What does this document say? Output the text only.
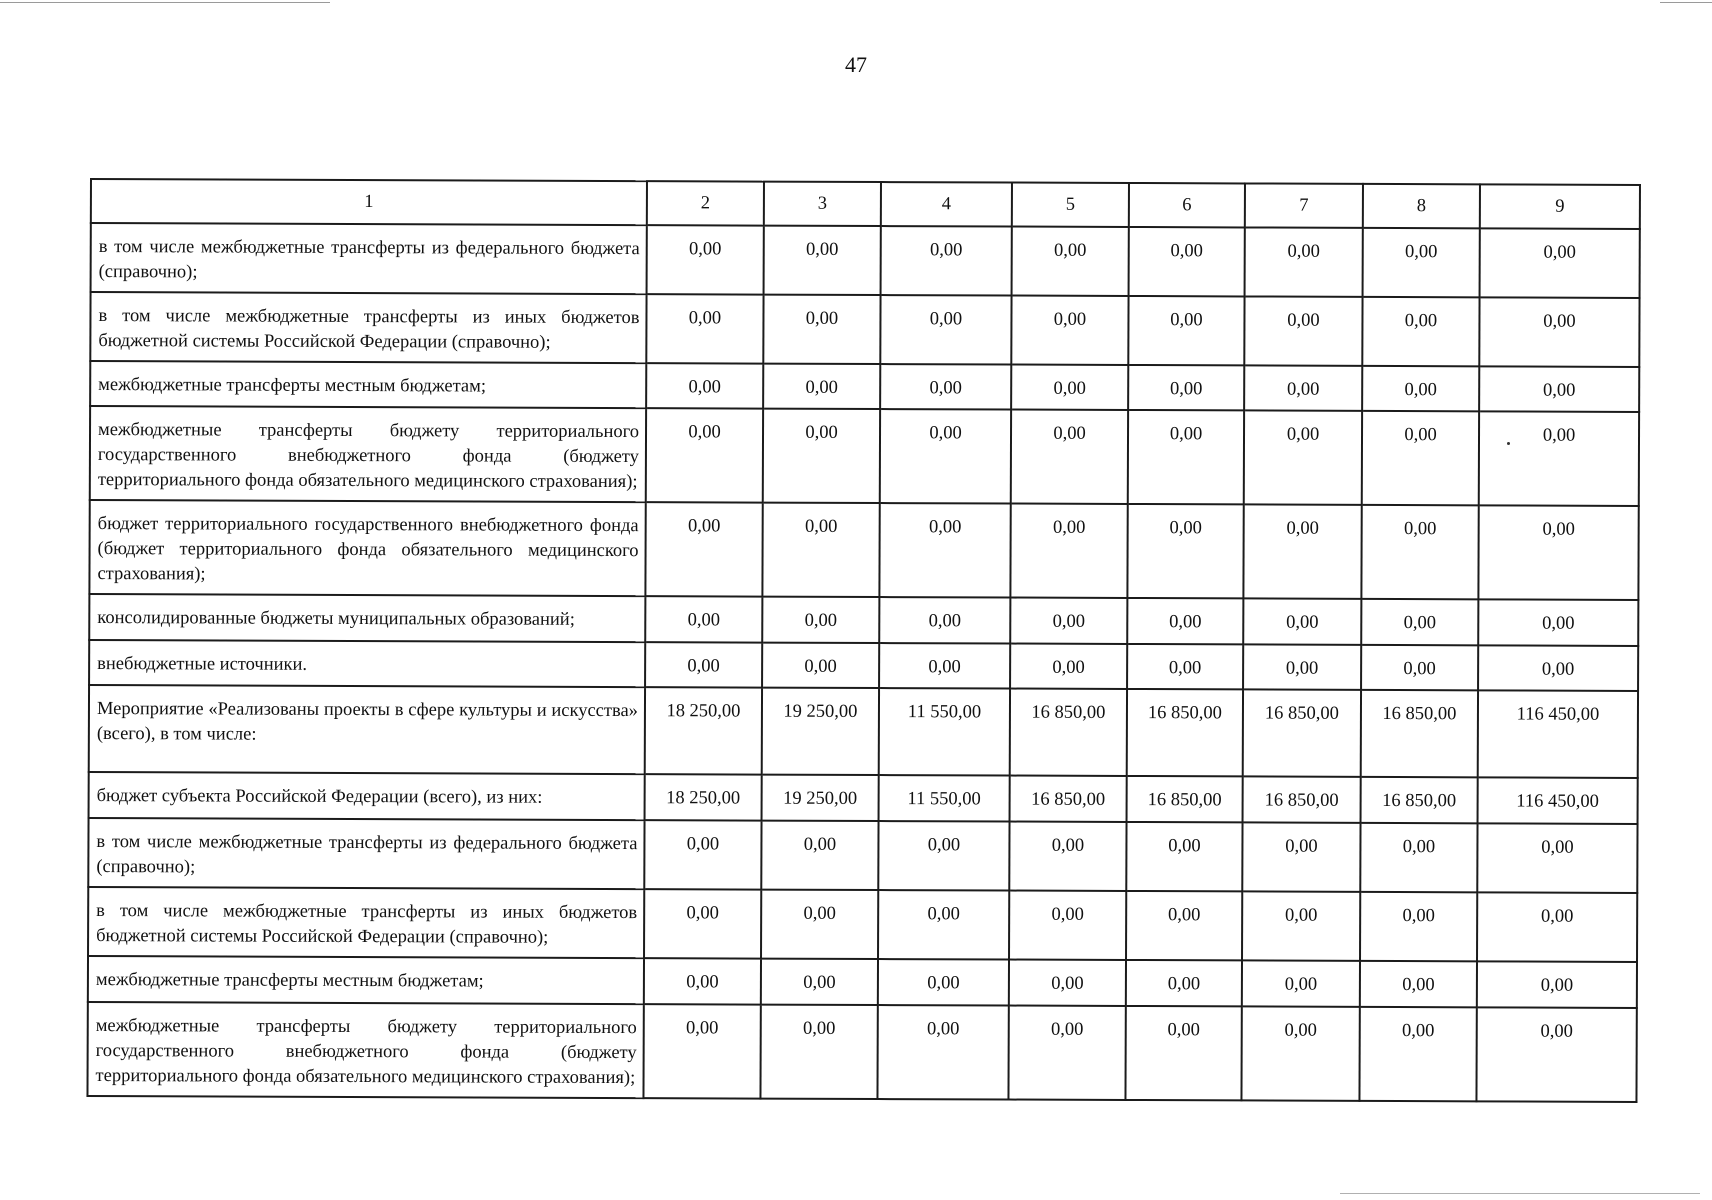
47
1	2	3	4	5	6	7	8	9
в том числе межбюджетные трансферты из федерального бюджета (справочно);	0,00	0,00	0,00	0,00	0,00	0,00	0,00	0,00
в том числе межбюджетные трансферты из иных бюджетов бюджетной системы Российской Федерации (справочно);	0,00	0,00	0,00	0,00	0,00	0,00	0,00	0,00
межбюджетные трансферты местным бюджетам;	0,00	0,00	0,00	0,00	0,00	0,00	0,00	0,00
межбюджетные трансферты бюджету территориального государственного внебюджетного фонда (бюджету территориального фонда обязательного медицинского страхования);	0,00	0,00	0,00	0,00	0,00	0,00	0,00	0,00
бюджет территориального государственного внебюджетного фонда (бюджет территориального фонда обязательного медицинского страхования);	0,00	0,00	0,00	0,00	0,00	0,00	0,00	0,00
консолидированные бюджеты муниципальных образований;	0,00	0,00	0,00	0,00	0,00	0,00	0,00	0,00
внебюджетные источники.	0,00	0,00	0,00	0,00	0,00	0,00	0,00	0,00
Мероприятие «Реализованы проекты в сфере культуры и искусства» (всего), в том числе:	18 250,00	19 250,00	11 550,00	16 850,00	16 850,00	16 850,00	16 850,00	116 450,00
бюджет субъекта Российской Федерации (всего), из них:	18 250,00	19 250,00	11 550,00	16 850,00	16 850,00	16 850,00	16 850,00	116 450,00
в том числе межбюджетные трансферты из федерального бюджета (справочно);	0,00	0,00	0,00	0,00	0,00	0,00	0,00	0,00
в том числе межбюджетные трансферты из иных бюджетов бюджетной системы Российской Федерации (справочно);	0,00	0,00	0,00	0,00	0,00	0,00	0,00	0,00
межбюджетные трансферты местным бюджетам;	0,00	0,00	0,00	0,00	0,00	0,00	0,00	0,00
межбюджетные трансферты бюджету территориального государственного внебюджетного фонда (бюджету территориального фонда обязательного медицинского страхования);	0,00	0,00	0,00	0,00	0,00	0,00	0,00	0,00
